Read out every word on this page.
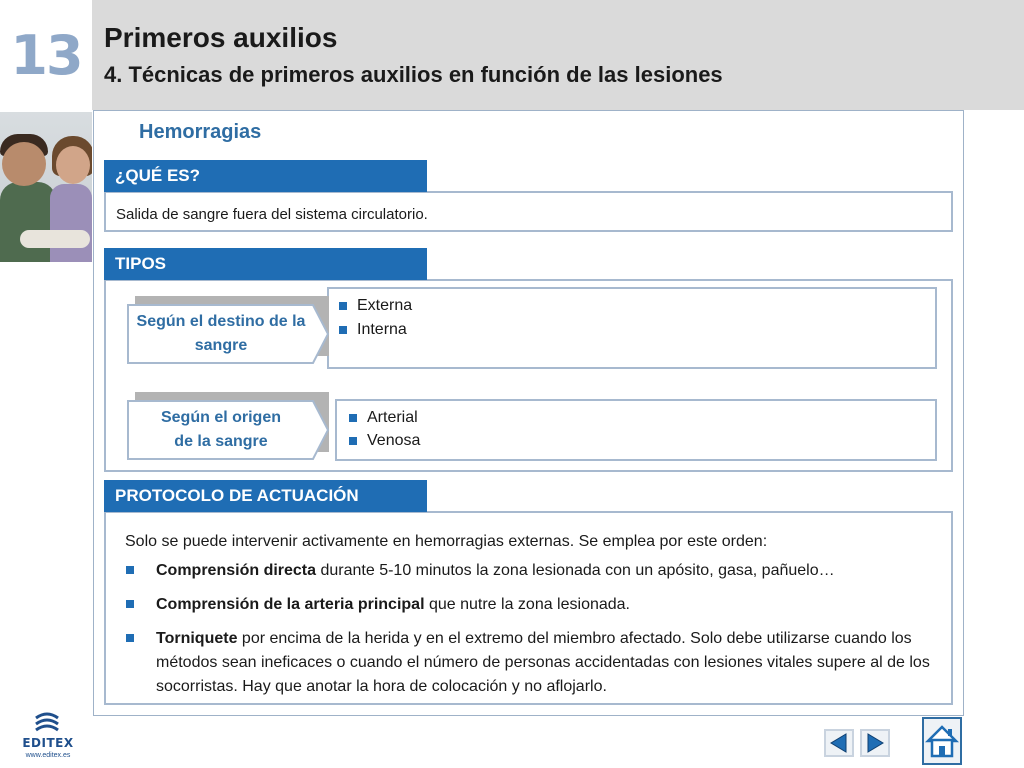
13 Primeros auxilios
4. Técnicas de primeros auxilios en función de las lesiones
Hemorragias
Salida de sangre fuera del sistema circulatorio.
¿QUÉ ES?
TIPOS
Externa
Interna
Según el destino de la
sangre
Arterial
Venosa
Según el origen
de la sangre
PROTOCOLO DE ACTUACIÓN
Solo se puede intervenir activamente en hemorragias externas. Se emplea por este orden:
Comprensión directa durante 5-10 minutos la zona lesionada con un apósito, gasa, pañuelo…
Comprensión de la arteria principal que nutre la zona lesionada.
Torniquete por encima de la herida y en el extremo del miembro afectado. Solo debe utilizarse cuando los métodos sean ineficaces o cuando el número de personas accidentadas con lesiones vitales supere al de los socorristas. Hay que anotar la hora de colocación y no aflojarlo.
EDITEX
www.editex.es
